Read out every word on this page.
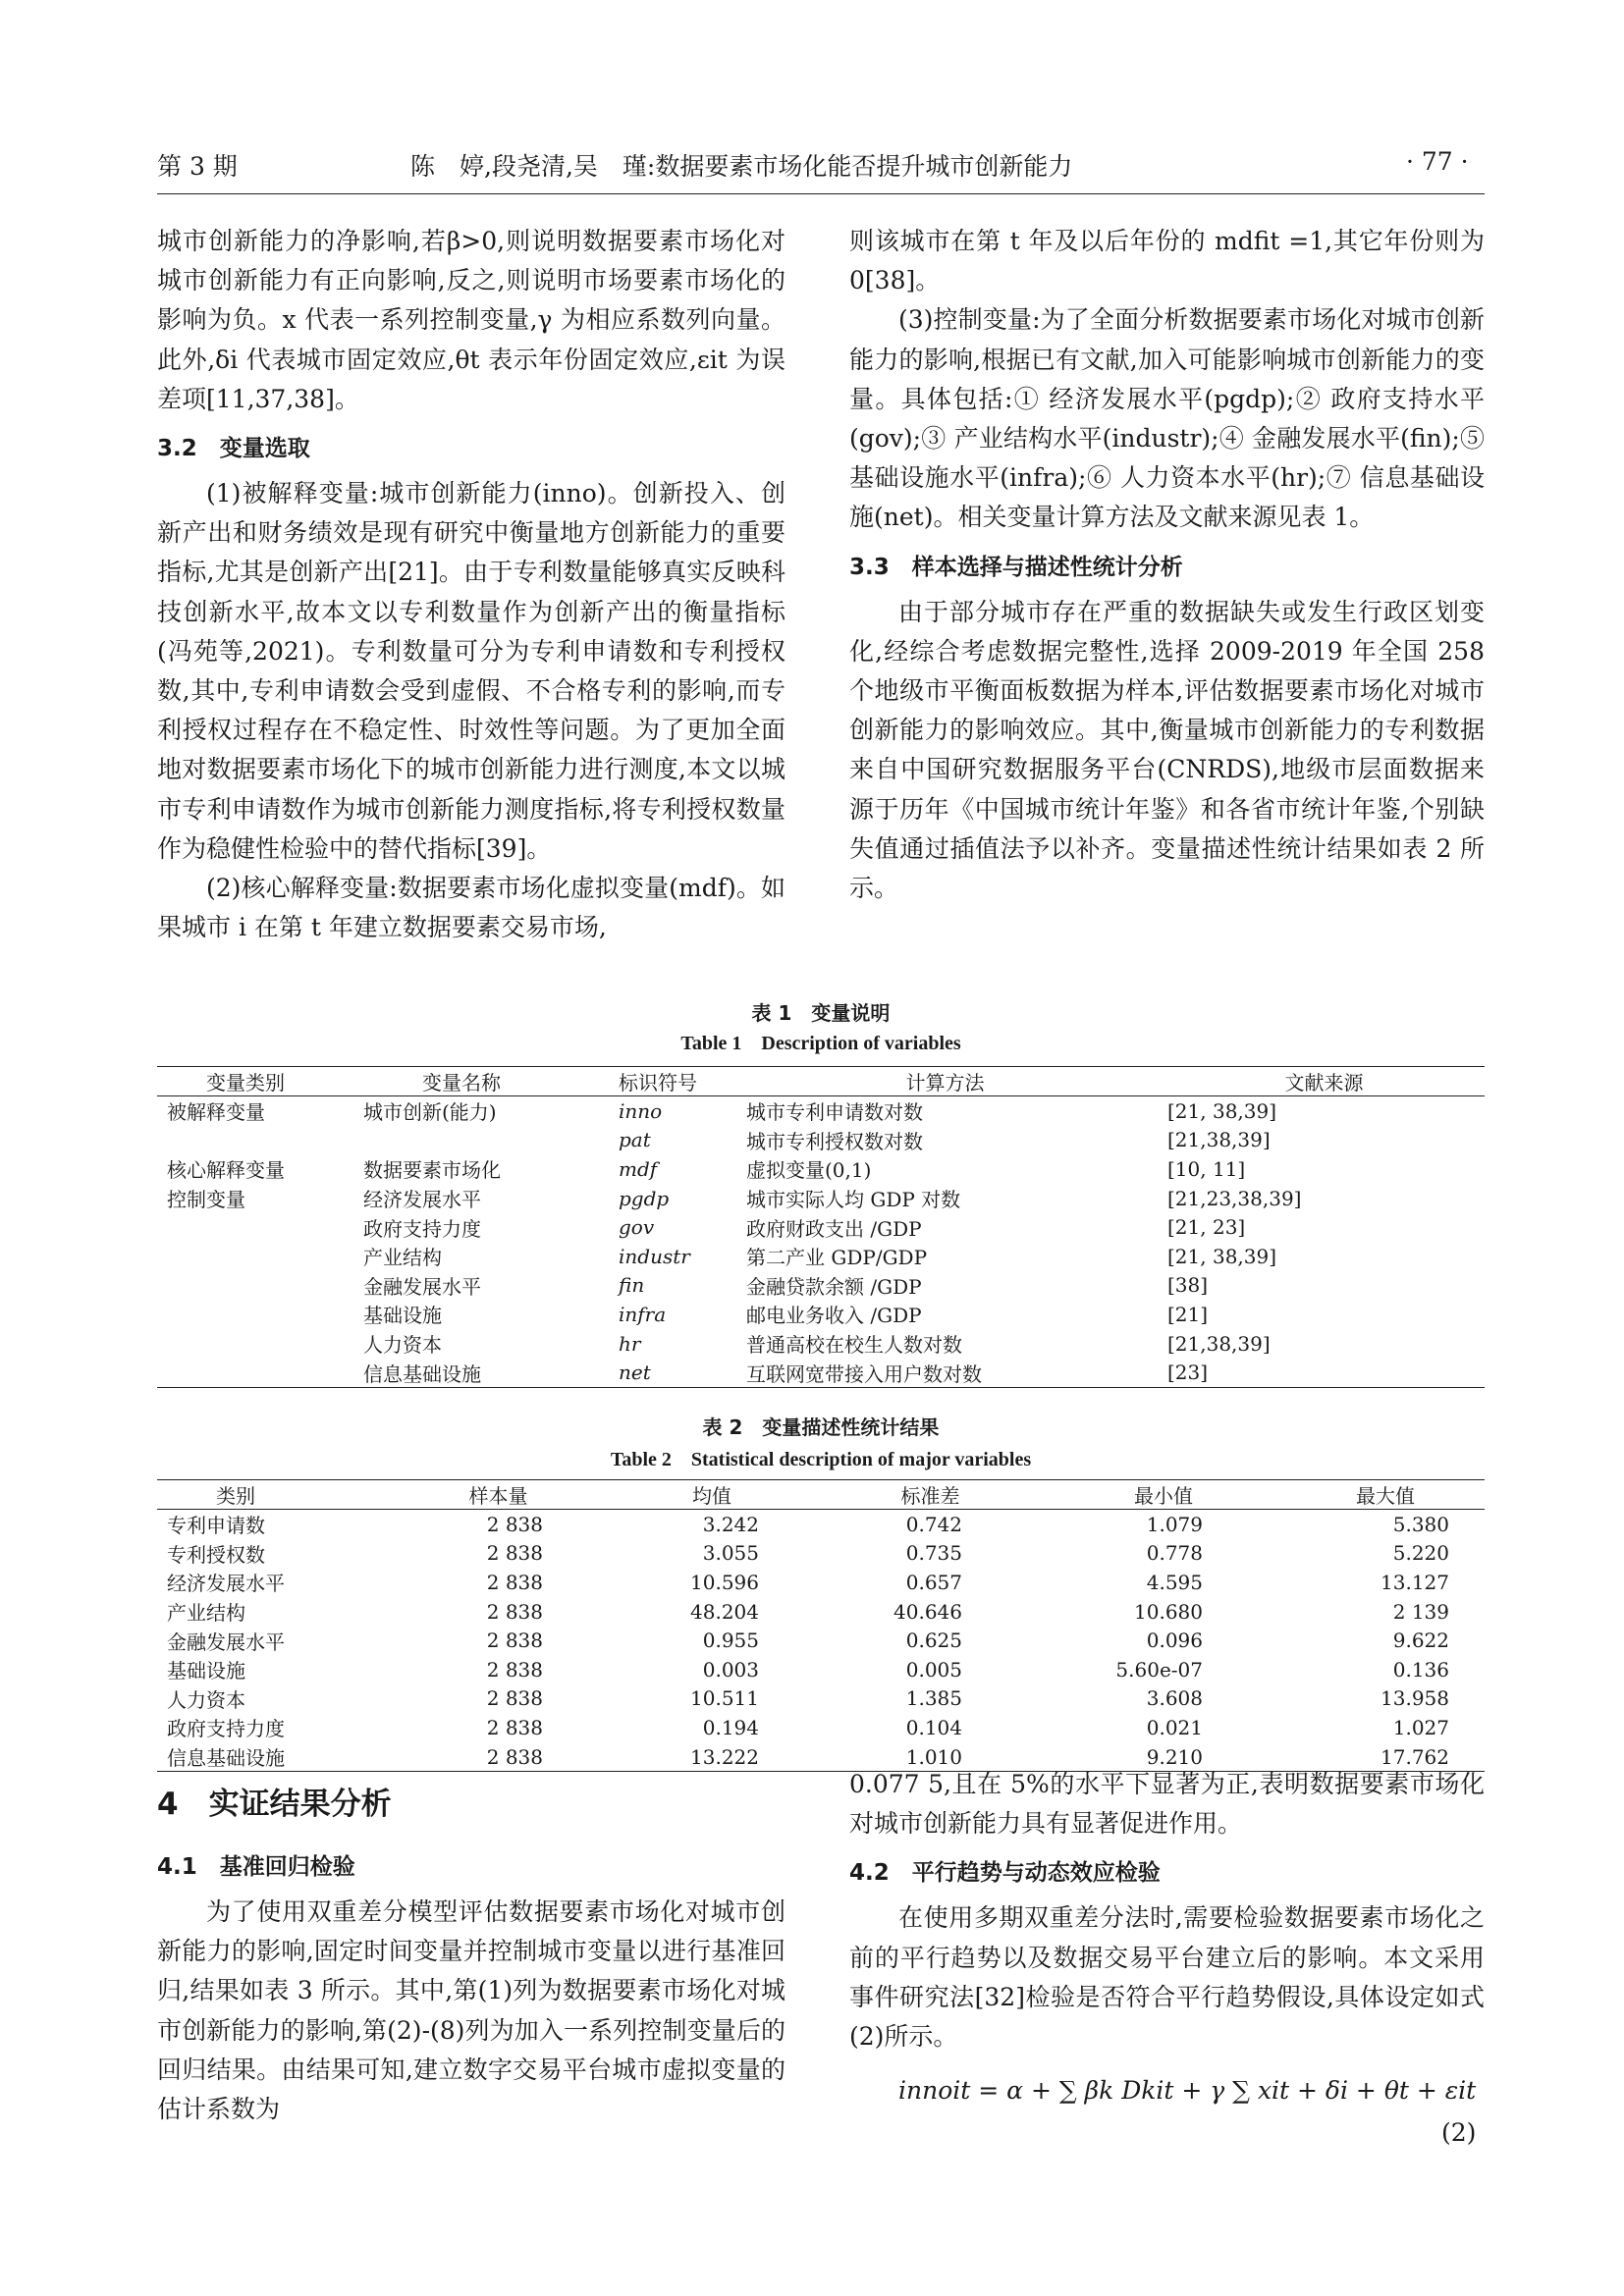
第 3 期	陈　婷,段尧清,吴　瑾:数据要素市场化能否提升城市创新能力	· 77 ·

城市创新能力的净影响,若β>0,则说明数据要素市场化对城市创新能力有正向影响,反之,则说明市场要素市场化的影响为负。x 代表一系列控制变量,γ 为相应系数列向量。此外,δi 代表城市固定效应,θt 表示年份固定效应,εit 为误差项[11,37,38]。

3.2　变量选取

(1)被解释变量:城市创新能力(inno)。创新投入、创新产出和财务绩效是现有研究中衡量地方创新能力的重要指标,尤其是创新产出[21]。由于专利数量能够真实反映科技创新水平,故本文以专利数量作为创新产出的衡量指标(冯苑等,2021)。专利数量可分为专利申请数和专利授权数,其中,专利申请数会受到虚假、不合格专利的影响,而专利授权过程存在不稳定性、时效性等问题。为了更加全面地对数据要素市场化下的城市创新能力进行测度,本文以城市专利申请数作为城市创新能力测度指标,将专利授权数量作为稳健性检验中的替代指标[39]。

(2)核心解释变量:数据要素市场化虚拟变量(mdf)。如果城市 i 在第 t 年建立数据要素交易市场,

则该城市在第 t 年及以后年份的 mdfit =1,其它年份则为 0[38]。

(3)控制变量:为了全面分析数据要素市场化对城市创新能力的影响,根据已有文献,加入可能影响城市创新能力的变量。具体包括:① 经济发展水平(pgdp);② 政府支持水平(gov);③ 产业结构水平(industr);④ 金融发展水平(fin);⑤ 基础设施水平(infra);⑥ 人力资本水平(hr);⑦ 信息基础设施(net)。相关变量计算方法及文献来源见表 1。

3.3　样本选择与描述性统计分析

由于部分城市存在严重的数据缺失或发生行政区划变化,经综合考虑数据完整性,选择 2009-2019 年全国 258 个地级市平衡面板数据为样本,评估数据要素市场化对城市创新能力的影响效应。其中,衡量城市创新能力的专利数据来自中国研究数据服务平台(CNRDS),地级市层面数据来源于历年《中国城市统计年鉴》和各省市统计年鉴,个别缺失值通过插值法予以补齐。变量描述性统计结果如表 2 所示。

表 1　变量说明
Table 1　Description of variables
变量类别	变量名称	标识符号	计算方法	文献来源
被解释变量	城市创新(能力)	inno	城市专利申请数对数	[21, 38,39]
		pat	城市专利授权数对数	[21,38,39]
核心解释变量	数据要素市场化	mdf	虚拟变量(0,1)	[10, 11]
控制变量	经济发展水平	pgdp	城市实际人均 GDP 对数	[21,23,38,39]
	政府支持力度	gov	政府财政支出 /GDP	[21, 23]
	产业结构	industr	第二产业 GDP/GDP	[21, 38,39]
	金融发展水平	fin	金融贷款余额 /GDP	[38]
	基础设施	infra	邮电业务收入 /GDP	[21]
	人力资本	hr	普通高校在校生人数对数	[21,38,39]
	信息基础设施	net	互联网宽带接入用户数对数	[23]
表 2　变量描述性统计结果
Table 2　Statistical description of major variables
类别	样本量	均值	标准差	最小值	最大值
专利申请数	2 838	3.242	0.742	1.079	5.380
专利授权数	2 838	3.055	0.735	0.778	5.220
经济发展水平	2 838	10.596	0.657	4.595	13.127
产业结构	2 838	48.204	40.646	10.680	2 139
金融发展水平	2 838	0.955	0.625	0.096	9.622
基础设施	2 838	0.003	0.005	5.60e-07	0.136
人力资本	2 838	10.511	1.385	3.608	13.958
政府支持力度	2 838	0.194	0.104	0.021	1.027
信息基础设施	2 838	13.222	1.010	9.210	17.762

4　实证结果分析

4.1　基准回归检验

为了使用双重差分模型评估数据要素市场化对城市创新能力的影响,固定时间变量并控制城市变量以进行基准回归,结果如表 3 所示。其中,第(1)列为数据要素市场化对城市创新能力的影响,第(2)-(8)列为加入一系列控制变量后的回归结果。由结果可知,建立数字交易平台城市虚拟变量的估计系数为

0.077 5,且在 5%的水平下显著为正,表明数据要素市场化对城市创新能力具有显著促进作用。

4.2　平行趋势与动态效应检验

在使用多期双重差分法时,需要检验数据要素市场化之前的平行趋势以及数据交易平台建立后的影响。本文采用事件研究法[32]检验是否符合平行趋势假设,具体设定如式(2)所示。

innoit = α + ∑ βk Dkit + γ ∑ xit + δi + θt + εit
(2)
